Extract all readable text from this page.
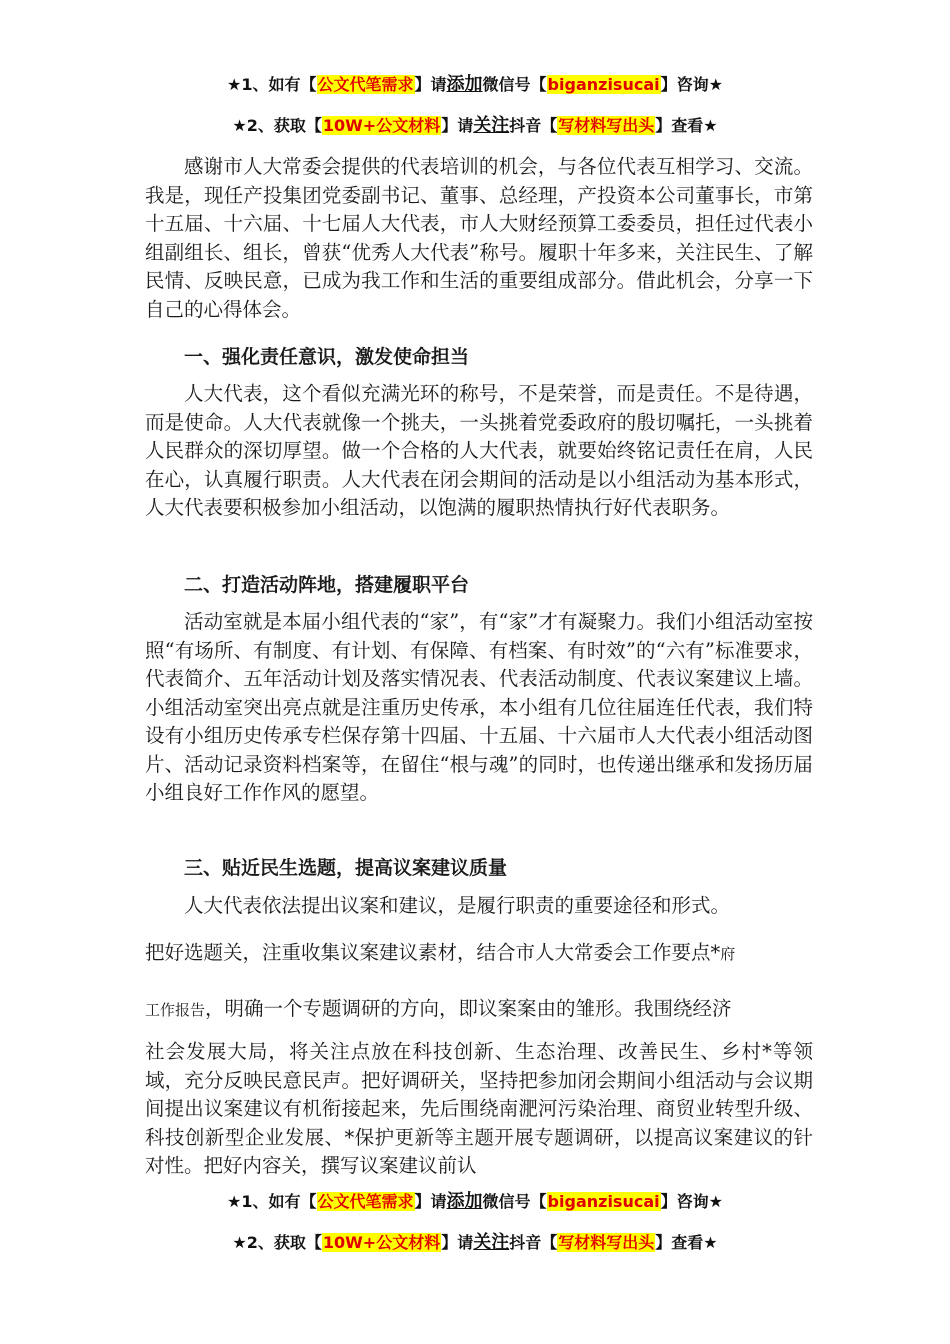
★1、如有【公文代笔需求】请添加微信号【biganzisucai】咨询★
★2、获取【10W+公文材料】请关注抖音【写材料写出头】查看★

感谢市人大常委会提供的代表培训的机会，与各位代表互相学习、交流。我是，现任产投集团党委副书记、董事、总经理，产投资本公司董事长，市第十五届、十六届、十七届人大代表，市人大财经预算工委委员，担任过代表小组副组长、组长，曾获“优秀人大代表”称号。履职十年多来，关注民生、了解民情、反映民意，已成为我工作和生活的重要组成部分。借此机会，分享一下自己的心得体会。

一、强化责任意识，激发使命担当

人大代表，这个看似充满光环的称号，不是荣誉，而是责任。不是待遇，而是使命。人大代表就像一个挑夫，一头挑着党委政府的殷切嘱托，一头挑着人民群众的深切厚望。做一个合格的人大代表，就要始终铭记责任在肩，人民在心，认真履行职责。人大代表在闭会期间的活动是以小组活动为基本形式，人大代表要积极参加小组活动，以饱满的履职热情执行好代表职务。

二、打造活动阵地，搭建履职平台

活动室就是本届小组代表的“家”，有“家”才有凝聚力。我们小组活动室按照“有场所、有制度、有计划、有保障、有档案、有时效”的“六有”标准要求，代表简介、五年活动计划及落实情况表、代表活动制度、代表议案建议上墙。小组活动室突出亮点就是注重历史传承，本小组有几位往届连任代表，我们特设有小组历史传承专栏保存第十四届、十五届、十六届市人大代表小组活动图片、活动记录资料档案等，在留住“根与魂”的同时，也传递出继承和发扬历届小组良好工作作风的愿望。

三、贴近民生选题，提高议案建议质量

人大代表依法提出议案和建议，是履行职责的重要途径和形式。

把好选题关，注重收集议案建议素材，结合市人大常委会工作要点*府

工作报告，明确一个专题调研的方向，即议案案由的雏形。我围绕经济

社会发展大局，将关注点放在科技创新、生态治理、改善民生、乡村*等领域，充分反映民意民声。把好调研关，坚持把参加闭会期间小组活动与会议期间提出议案建议有机衔接起来，先后围绕南淝河污染治理、商贸业转型升级、科技创新型企业发展、*保护更新等主题开展专题调研，以提高议案建议的针对性。把好内容关，撰写议案建议前认

★1、如有【公文代笔需求】请添加微信号【biganzisucai】咨询★
★2、获取【10W+公文材料】请关注抖音【写材料写出头】查看★
